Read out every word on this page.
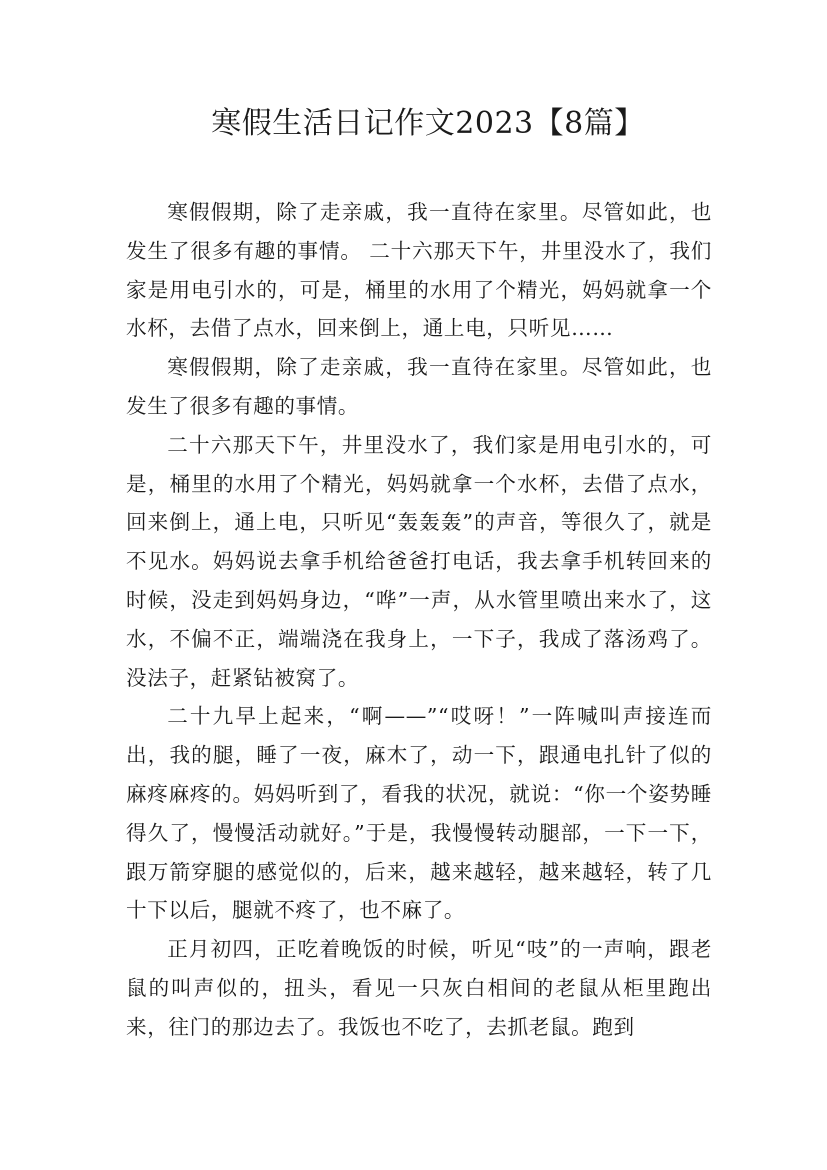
寒假生活日记作文2023【8篇】

寒假假期，除了走亲戚，我一直待在家里。尽管如此，也发生了很多有趣的事情。 二十六那天下午，井里没水了，我们家是用电引水的，可是，桶里的水用了个精光，妈妈就拿一个水杯，去借了点水，回来倒上，通上电，只听见……

寒假假期，除了走亲戚，我一直待在家里。尽管如此，也发生了很多有趣的事情。

二十六那天下午，井里没水了，我们家是用电引水的，可是，桶里的水用了个精光，妈妈就拿一个水杯，去借了点水，回来倒上，通上电，只听见“轰轰轰”的声音，等很久了，就是不见水。妈妈说去拿手机给爸爸打电话，我去拿手机转回来的时候，没走到妈妈身边，“哗”一声，从水管里喷出来水了，这水，不偏不正，端端浇在我身上，一下子，我成了落汤鸡了。没法子，赶紧钻被窝了。

二十九早上起来，“啊——”“哎呀！”一阵喊叫声接连而出，我的腿，睡了一夜，麻木了，动一下，跟通电扎针了似的麻疼麻疼的。妈妈听到了，看我的状况，就说：“你一个姿势睡得久了，慢慢活动就好。”于是，我慢慢转动腿部，一下一下，跟万箭穿腿的感觉似的，后来，越来越轻，越来越轻，转了几十下以后，腿就不疼了，也不麻了。

正月初四，正吃着晚饭的时候，听见“吱”的一声响，跟老鼠的叫声似的，扭头，看见一只灰白相间的老鼠从柜里跑出来，往门的那边去了。我饭也不吃了，去抓老鼠。跑到
